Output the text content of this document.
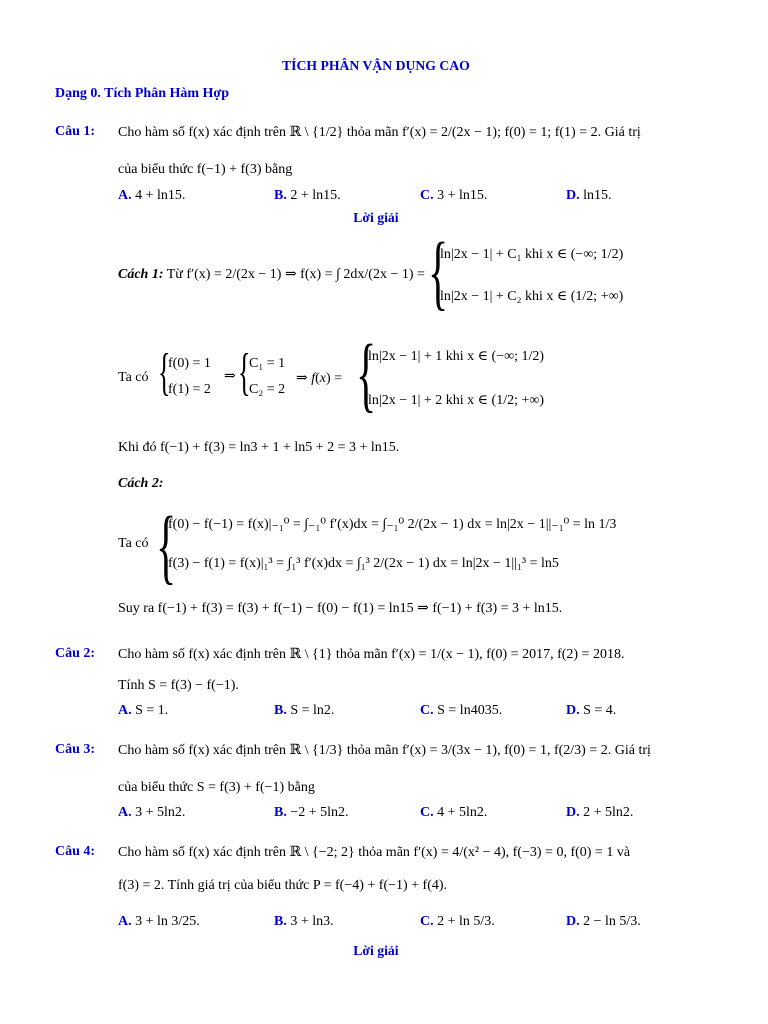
TÍCH PHÂN VẬN DỤNG CAO
Dạng 0. Tích Phân Hàm Hợp
Câu 1: Cho hàm số f(x) xác định trên ℝ \ {1/2} thỏa mãn f′(x) = 2/(2x − 1); f(0) = 1; f(1) = 2. Giá trị
của biểu thức f(−1) + f(3) bằng
A. 4 + ln15.	B. 2 + ln15.	C. 3 + ln15.	D. ln15.
Lời giải
Cách 1: Từ f′(x) = 2/(2x − 1) ⇒ f(x) = ∫ 2dx/(2x − 1) = {
ln|2x − 1| + C₁ khi x ∈ (−∞; 1/2)
ln|2x − 1| + C₂ khi x ∈ (1/2; +∞)
Ta có {
f(0) = 1
f(1) = 2
⇒ {
C₁ = 1
C₂ = 2
⇒ f(x) = {
ln|2x − 1| + 1 khi x ∈ (−∞; 1/2)
ln|2x − 1| + 2 khi x ∈ (1/2; +∞)
Khi đó f(−1) + f(3) = ln3 + 1 + ln5 + 2 = 3 + ln15.
Cách 2:
Ta có {
f(0) − f(−1) = f(x)|₋₁⁰ = ∫₋₁⁰ f′(x)dx = ∫₋₁⁰ 2/(2x − 1) dx = ln|2x − 1||₋₁⁰ = ln 1/3
f(3) − f(1) = f(x)|₁³ = ∫₁³ f′(x)dx = ∫₁³ 2/(2x − 1) dx = ln|2x − 1||₁³ = ln5
Suy ra f(−1) + f(3) = f(3) + f(−1) − f(0) − f(1) = ln15 ⇒ f(−1) + f(3) = 3 + ln15.
Câu 2: Cho hàm số f(x) xác định trên ℝ \ {1} thỏa mãn f′(x) = 1/(x − 1), f(0) = 2017, f(2) = 2018.
Tính S = f(3) − f(−1).
A. S = 1.	B. S = ln2.	C. S = ln4035.	D. S = 4.
Câu 3: Cho hàm số f(x) xác định trên ℝ \ {1/3} thỏa mãn f′(x) = 3/(3x − 1), f(0) = 1, f(2/3) = 2. Giá trị
của biểu thức S = f(3) + f(−1) bằng
A. 3 + 5ln2.	B. −2 + 5ln2.	C. 4 + 5ln2.	D. 2 + 5ln2.
Câu 4: Cho hàm số f(x) xác định trên ℝ \ {−2; 2} thỏa mãn f′(x) = 4/(x² − 4), f(−3) = 0, f(0) = 1 và
f(3) = 2. Tính giá trị của biểu thức P = f(−4) + f(−1) + f(4).
A. 3 + ln 3/25.	B. 3 + ln3.	C. 2 + ln 5/3.	D. 2 − ln 5/3.
Lời giải
